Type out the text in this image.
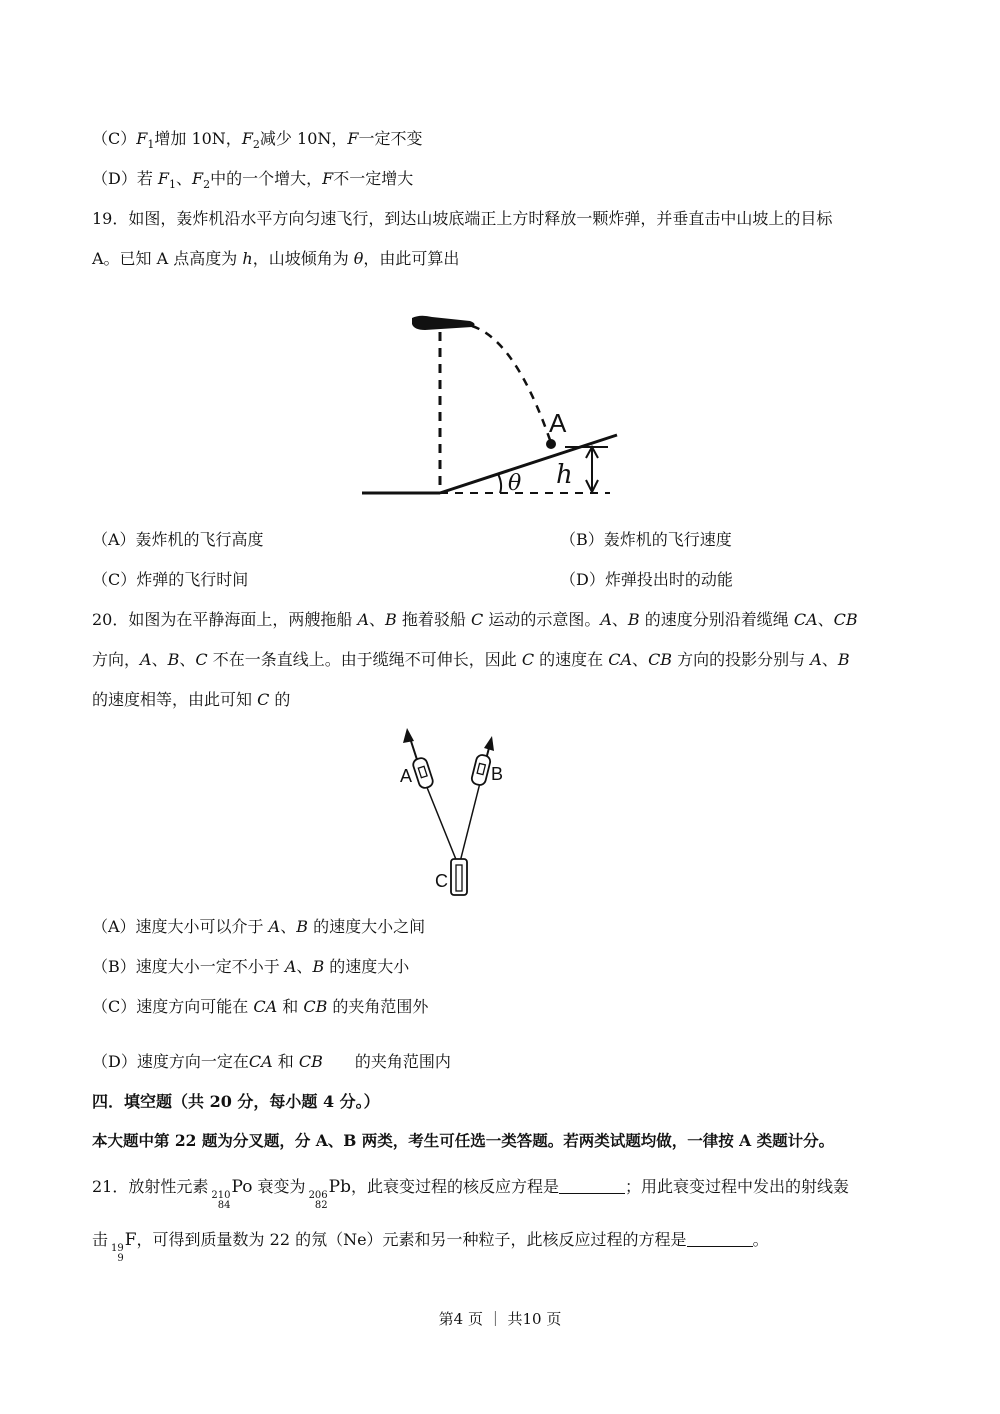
$(C)F_1$增加 10N，$F_2$减少 10N，F一定不变
（D）若 $F_1$、$F_2$中的一个增大，F不一定增大
19．如图，轰炸机沿水平方向匀速飞行，到达山坡底端正上方时释放一颗炸弹，并垂直击中山坡上的目标
A。已知 A 点高度为 h，山坡倾角为 θ，由此可算出
A
θ h
（A）轰炸机的飞行高度	（B）轰炸机的飞行速度
（C）炸弹的飞行时间	（D）炸弹投出时的动能
20．如图为在平静海面上，两艘拖船 A、B 拖着驳船 C 运动的示意图。A、B 的速度分别沿着缆绳 CA、CB
方向，A、B、C 不在一条直线上。由于缆绳不可伸长，因此 C 的速度在 CA、CB 方向的投影分别与 A、B
的速度相等，由此可知 C 的
A	B
C
（A）速度大小可以介于 A、B 的速度大小之间
（B）速度大小一定不小于 A、B 的速度大小
（C）速度方向可能在 CA 和 CB 的夹角范围外
（D）速度方向一定在CA 和 CB　　的夹角范围内
四．填空题（共 20 分，每小题 4 分。）
本大题中第 22 题为分叉题，分 A、B 两类，考生可任选一类答题。若两类试题均做，一律按 A 类题计分。
21．放射性元素 210
84
Po 衰变为 206
82
Pb，此衰变过程的核反应方程是	；用此衰变过程中发出的射线轰
击 19
9
F，可得到质量数为 22 的氖（Ne）元素和另一种粒子，此核反应过程的方程是	。
第4 页 ｜ 共10 页
